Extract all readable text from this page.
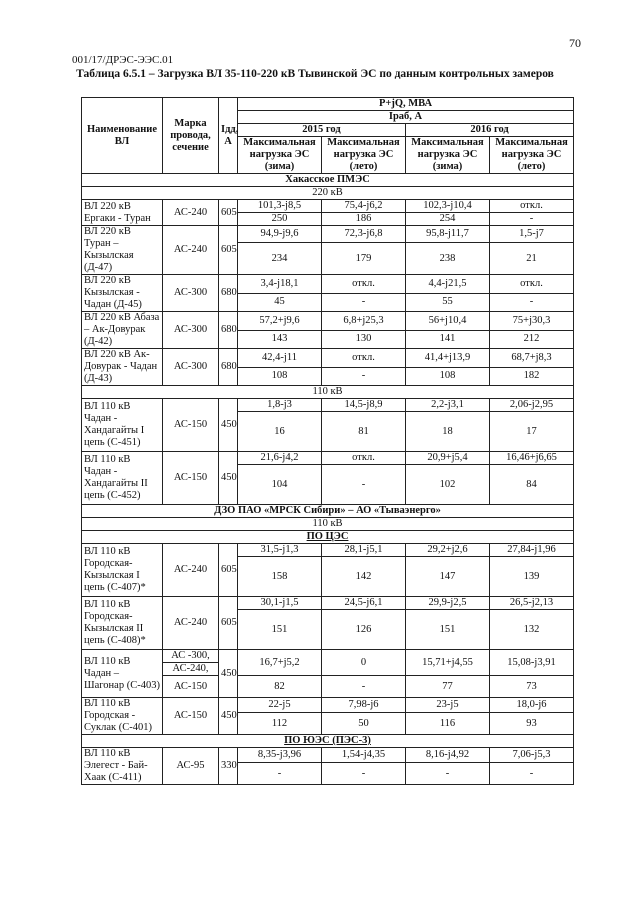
70
001/17/ДРЭС-ЭЭС.01
Таблица 6.5.1 – Загрузка ВЛ 35-110-220 кВ Тывинской ЭС по данным контрольных замеров
Наименование ВЛ	Марка провода, сечение	Iдд, А	P+jQ, МВА			
			Iраб, А			
			2015 год		2016 год	
			Максимальная нагрузка ЭС (зима)	Максимальная нагрузка ЭС (лето)	Максимальная нагрузка ЭС (зима)	Максимальная нагрузка ЭС (лето)
Хакасское ПМЭС						
220 кВ						
ВЛ 220 кВ Ергаки - Туран	АС-240	605	101,3-j8,5	75,4-j6,2	102,3-j10,4	откл.
			250	186	254	-
ВЛ 220 кВ Туран – Кызылская (Д-47)	АС-240	605	94,9-j9,6	72,3-j6,8	95,8-j11,7	1,5-j7
			234	179	238	21
ВЛ 220 кВ Кызылская - Чадан (Д-45)	АС-300	680	3,4-j18,1	откл.	4,4-j21,5	откл.
			45	-	55	-
ВЛ 220 кВ Абаза – Ак-Довурак (Д-42)	АС-300	680	57,2+j9,6	6,8+j25,3	56+j10,4	75+j30,3
			143	130	141	212
ВЛ 220 кВ Ак-Довурак - Чадан (Д-43)	АС-300	680	42,4-j11	откл.	41,4+j13,9	68,7+j8,3
			108	-	108	182
110 кВ						
ВЛ 110 кВ Чадан - Хандагайты I цепь (С-451)	АС-150	450	1,8-j3	14,5-j8,9	2,2-j3,1	2,06-j2,95
			16	81	18	17
ВЛ 110 кВ Чадан - Хандагайты II цепь (С-452)	АС-150	450	21,6-j4,2	откл.	20,9+j5,4	16,46+j6,65
			104	-	102	84
ДЗО ПАО «МРСК Сибири» – АО «Тываэнерго»						
110 кВ						
ПО ЦЭС						
ВЛ 110 кВ Городская-Кызылская I цепь (С-407)*	АС-240	605	31,5-j1,3	28,1-j5,1	29,2+j2,6	27,84-j1,96
			158	142	147	139
ВЛ 110 кВ Городская-Кызылская II цепь (С-408)*	АС-240	605	30,1-j1,5	24,5-j6,1	29,9-j2,5	26,5-j2,13
			151	126	151	132
ВЛ 110 кВ Чадан – Шагонар (С-403)	АС -300,	450	16,7+j5,2	0	15,71+j4,55	15,08-j3,91
	АС-240,					
	АС-150		82	-	77	73
ВЛ 110 кВ Городская - Суклак (С-401)	АС-150	450	22-j5	7,98-j6	23-j5	18,0-j6
			112	50	116	93
ПО ЮЭС (ПЭС-3)						
ВЛ 110 кВ Элегест - Бай-Хаак (С-411)	АС-95	330	8,35-j3,96	1,54-j4,35	8,16-j4,92	7,06-j5,3
			-	-	-	-
